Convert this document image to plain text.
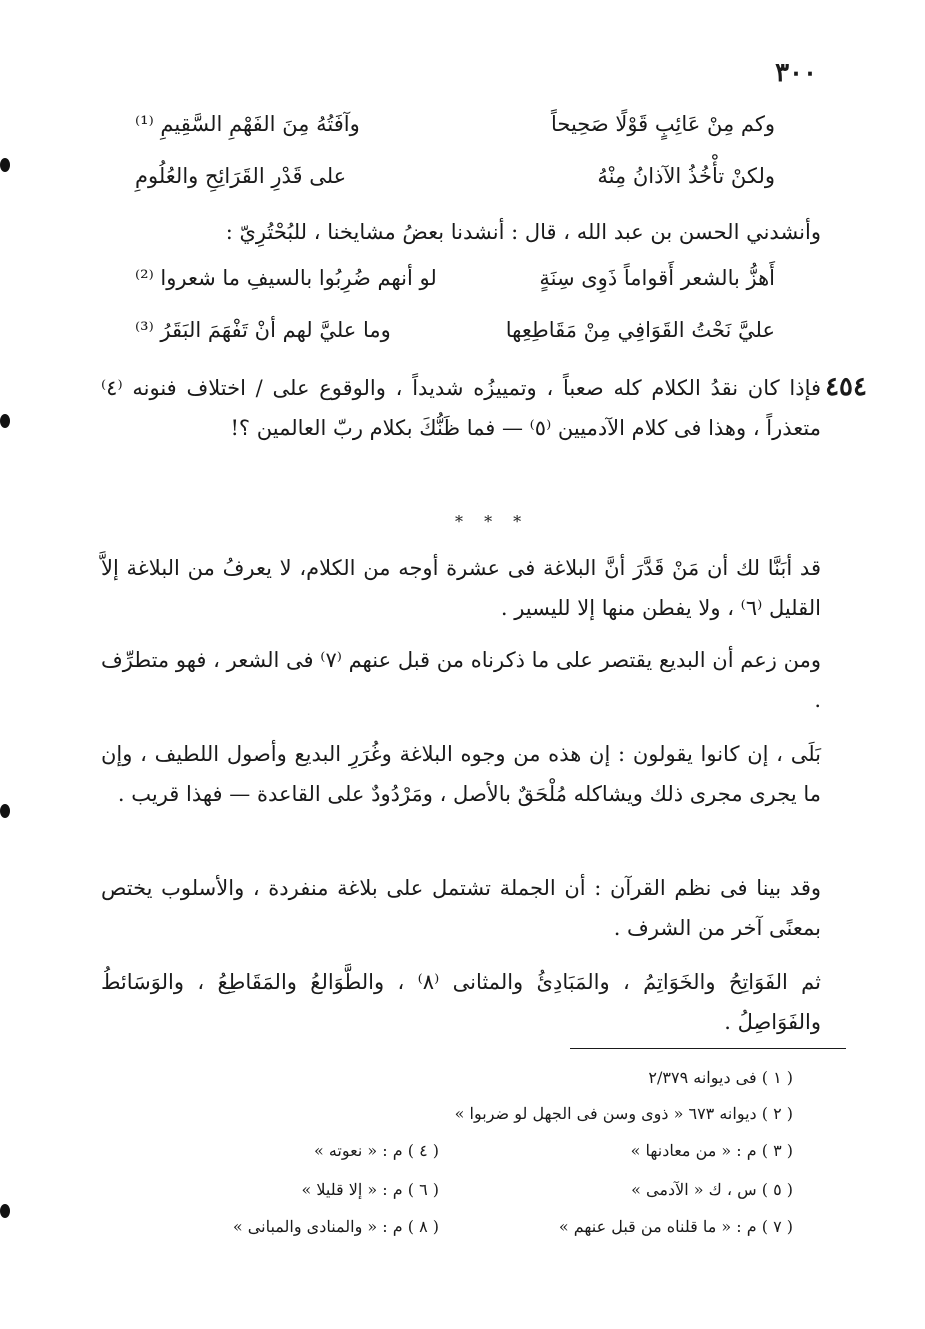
٣٠٠
وكم مِنْ عَائِبٍ قَوْلًا صَحِيحاً
وآفَتُهُ مِنَ الفَهْمِ السَّقِيمِ ⁽¹⁾
ولكنْ تأْخُذُ الآذانُ مِنْهُ
على قَدْرِ القَرَائِحِ والعُلُومِ
وأنشدني الحسن بن عبد الله ، قال : أنشدنا بعضُ مشايخنا ، للبُحْتُرِيّ :
أَهزُّ بالشعر أَقواماً ذَوِى سِنَةٍ
لو أنهم ضُرِبُوا بالسيفِ ما شعروا ⁽²⁾
عليَّ نَحْتُ القَوَافِي مِنْ مَقَاطِعِها
وما عليَّ لهم أنْ تَفْهَمَ البَقَرُ ⁽³⁾
٤٥٤
فإذا كان نقدُ الكلام كله صعباً ، وتمييزُه شديداً ، والوقوع على / اختلاف فنونه ⁽٤⁾ متعذراً ، وهذا فى كلام الآدميين ⁽٥⁾ — فما ظَنُّكَ بكلام ربّ العالمين ؟!
* * *
قد أبَنَّا لك أن مَنْ قَدَّرَ أنَّ البلاغة فى عشرة أوجه من الكلام، لا يعرفُ من البلاغة إلاَّ القليل ⁽٦⁾ ، ولا يفطن منها إلا لليسير .
ومن زعم أن البديع يقتصر على ما ذكرناه من قبل عنهم ⁽٧⁾ فى الشعر ، فهو متطرِّف .
بَلَى ، إن كانوا يقولون : إن هذه من وجوه البلاغة وغُرَرِ البديع وأصول اللطيف ، وإن ما يجرى مجرى ذلك ويشاكله مُلْحَقٌ بالأصل ، ومَرْدُودٌ على القاعدة — فهذا قريب .
وقد بينا فى نظم القرآن : أن الجملة تشتمل على بلاغة منفردة ، والأسلوب يختص بمعنًى آخر من الشرف .
ثم الفَوَاتِحُ والخَوَاتِمُ ، والمَبَادِئُ والمثانى ⁽٨⁾ ، والطَّوَالعُ والمَقَاطِعُ ، والوَسَائطُ والفَوَاصِلُ .
( ١ ) فى ديوانه ٢/٣٧٩
( ٢ ) ديوانه ٦٧٣ « ذوى وسن فى الجهل لو ضربوا »
( ٣ ) م : « من معادنها »
( ٤ ) م : « نعوته »
( ٥ ) س ، ك « الآدمى »
( ٦ ) م : « إلا قليلا »
( ٧ ) م : « ما قلناه من قبل عنهم »
( ٨ ) م : « والمنادى والمبانى »
